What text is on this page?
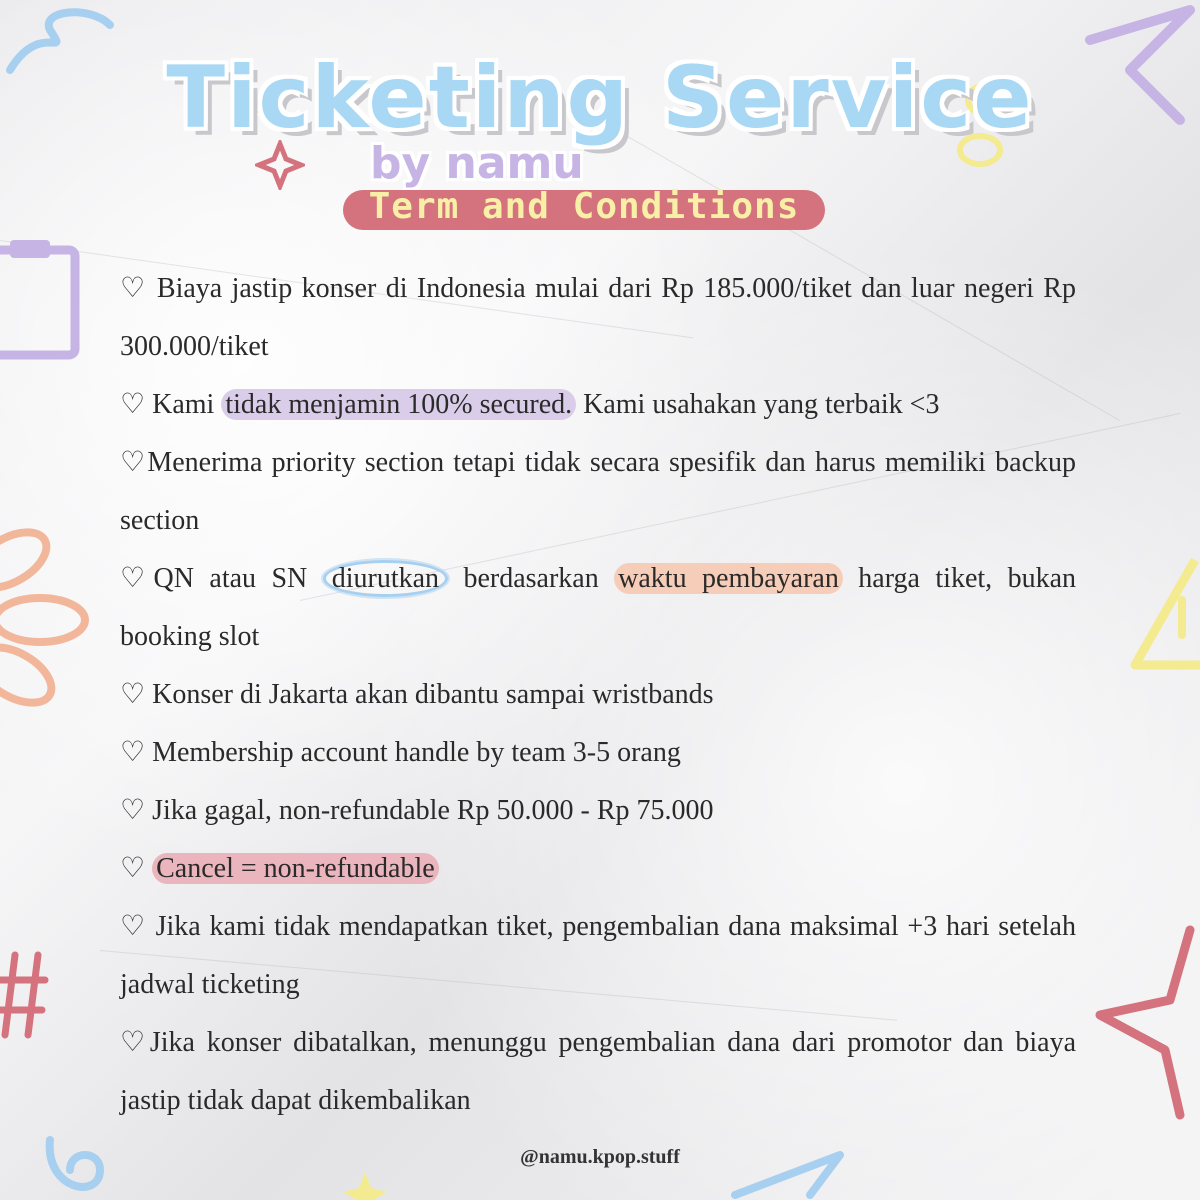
Ticketing Service
by namu
Term and Conditions
♡ Biaya jastip konser di Indonesia mulai dari Rp 185.000/tiket dan luar negeri Rp 300.000/tiket
♡ Kami tidak menjamin 100% secured. Kami usahakan yang terbaik <3
♡Menerima priority section tetapi tidak secara spesifik dan harus memiliki backup section
♡QN atau SN diurutkan berdasarkan waktu pembayaran harga tiket, bukan booking slot
♡ Konser di Jakarta akan dibantu sampai wristbands
♡ Membership account handle by team 3-5 orang
♡ Jika gagal, non-refundable Rp 50.000 - Rp 75.000
♡ Cancel = non-refundable
♡ Jika kami tidak mendapatkan tiket, pengembalian dana maksimal +3 hari setelah jadwal ticketing
♡Jika konser dibatalkan, menunggu pengembalian dana dari promotor dan biaya jastip tidak dapat dikembalikan
@namu.kpop.stuff
